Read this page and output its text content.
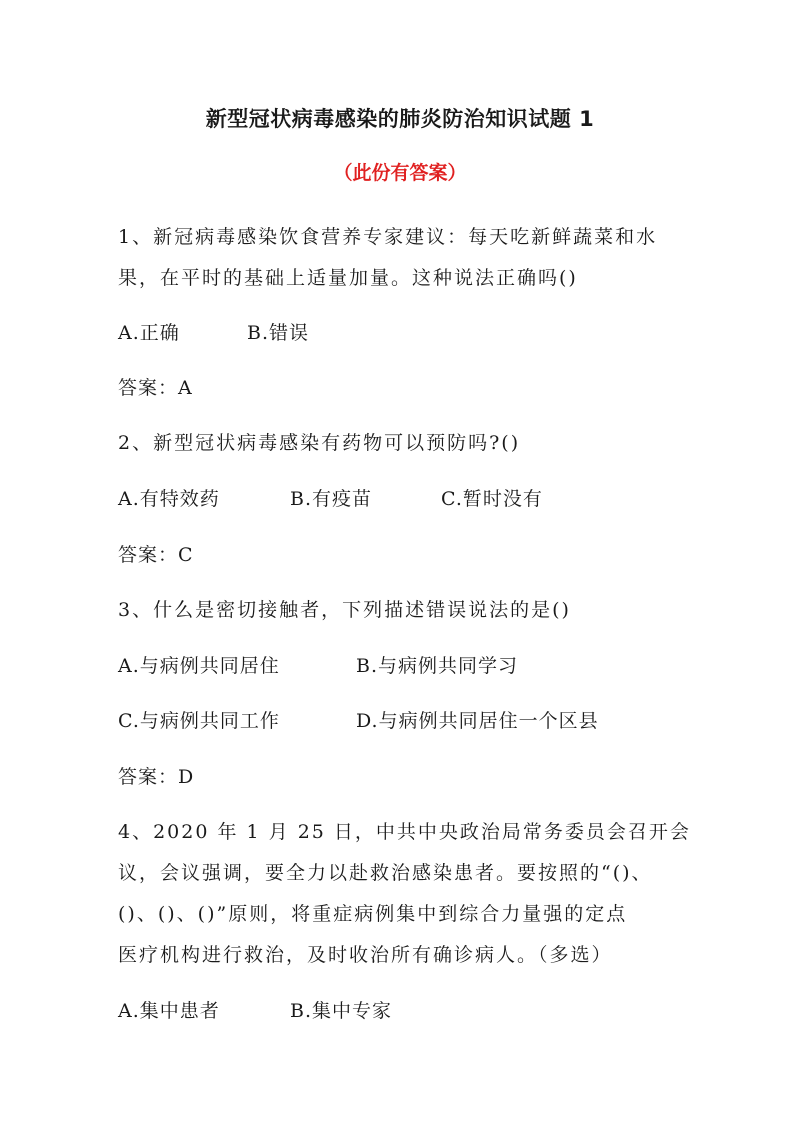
新型冠状病毒感染的肺炎防治知识试题 1
（此份有答案）
1、新冠病毒感染饮食营养专家建议：每天吃新鲜蔬菜和水
果，在平时的基础上适量加量。这种说法正确吗()
A.正确	B.错误
答案：A
2、新型冠状病毒感染有药物可以预防吗?()
A.有特效药	B.有疫苗	C.暂时没有
答案：C
3、什么是密切接触者，下列描述错误说法的是()
A.与病例共同居住	B.与病例共同学习
C.与病例共同工作	D.与病例共同居住一个区县
答案：D
4、2020 年 1 月 25 日，中共中央政治局常务委员会召开会
议，会议强调，要全力以赴救治感染患者。要按照的“()、
()、()、()”原则，将重症病例集中到综合力量强的定点
医疗机构进行救治，及时收治所有确诊病人。（多选）
A.集中患者	B.集中专家
